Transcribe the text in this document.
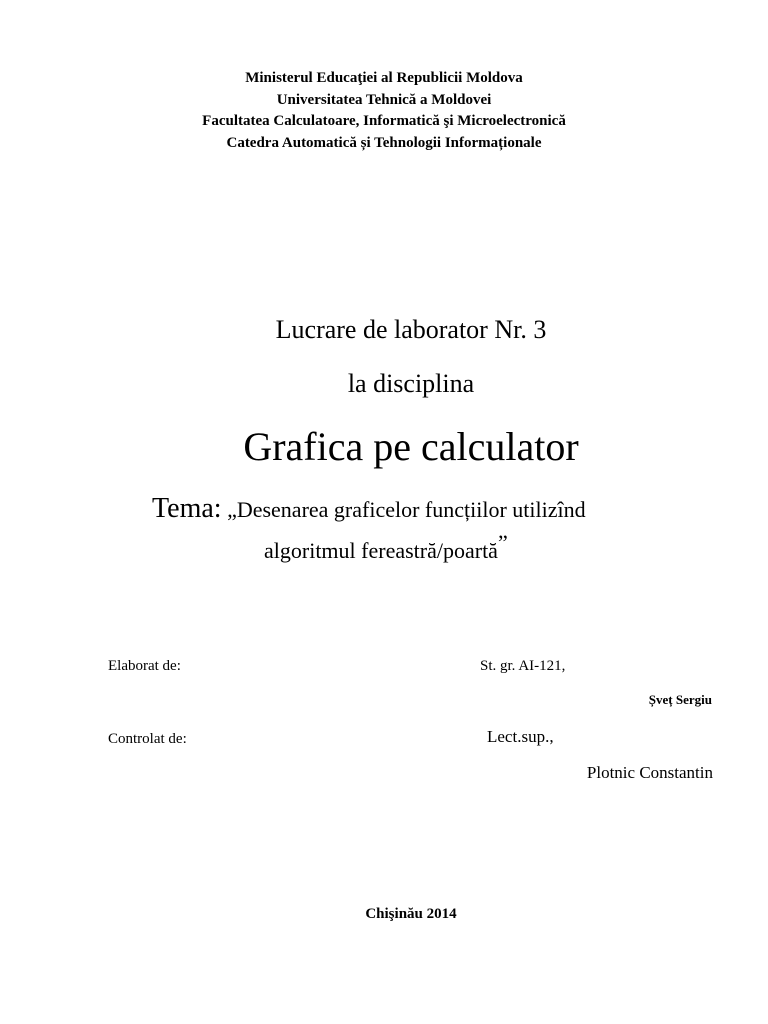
Ministerul Educaţiei al Republicii Moldova
Universitatea Tehnică a Moldovei
Facultatea Calculatoare, Informatică şi Microelectronică
Catedra Automatică și Tehnologii Informaționale
Lucrare de laborator Nr. 3
la disciplina
Grafica pe calculator
Tema: „Desenarea graficelor funcțiilor utilizînd
algoritmul fereastră/poartă”
Elaborat de:	St. gr. AI-121,
Șveț Sergiu
Controlat de:	Lect.sup.,
Plotnic Constantin
Chişinău 2014
